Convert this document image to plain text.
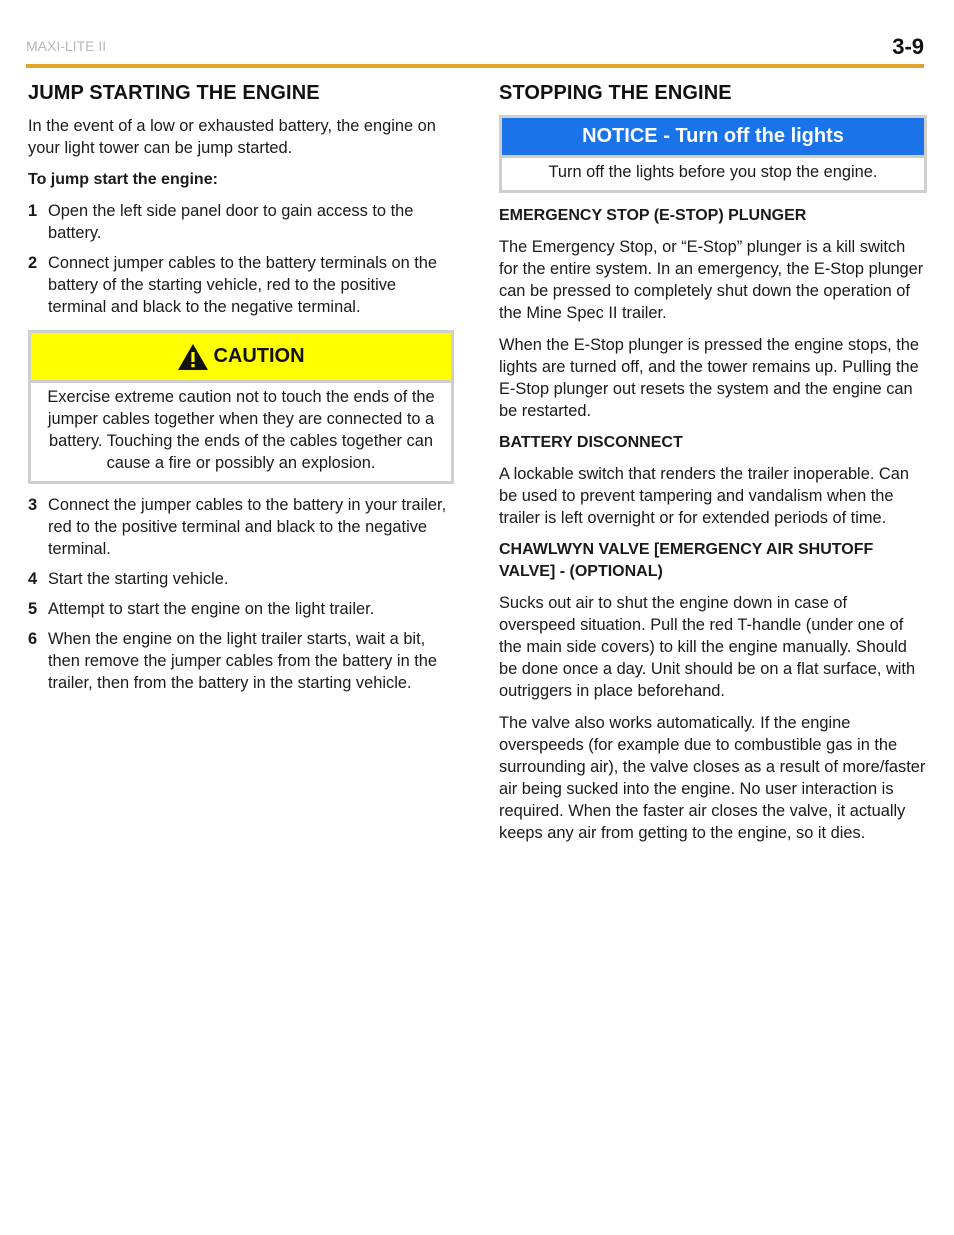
MAXI-LITE II	3-9
JUMP STARTING THE ENGINE

In the event of a low or exhausted battery, the engine on your light tower can be jump started.

To jump start the engine:
1 Open the left side panel door to gain access to the battery.
2 Connect jumper cables to the battery terminals on the battery of the starting vehicle, red to the positive terminal and black to the negative terminal.
CAUTION
Exercise extreme caution not to touch the ends of the jumper cables together when they are connected to a battery. Touching the ends of the cables together can cause a fire or possibly an explosion.
3 Connect the jumper cables to the battery in your trailer, red to the positive terminal and black to the negative terminal.
4 Start the starting vehicle.
5 Attempt to start the engine on the light trailer.
6 When the engine on the light trailer starts, wait a bit, then remove the jumper cables from the battery in the trailer, then from the battery in the starting vehicle.
STOPPING THE ENGINE
NOTICE - Turn off the lights
Turn off the lights before you stop the engine.
EMERGENCY STOP (E-STOP) PLUNGER

The Emergency Stop, or “E-Stop” plunger is a kill switch for the entire system. In an emergency, the E-Stop plunger can be pressed to completely shut down the operation of the Mine Spec II trailer.

When the E-Stop plunger is pressed the engine stops, the lights are turned off, and the tower remains up. Pulling the E-Stop plunger out resets the system and the engine can be restarted.

BATTERY DISCONNECT

A lockable switch that renders the trailer inoperable. Can be used to prevent tampering and vandalism when the trailer is left overnight or for extended periods of time.

CHAWLWYN VALVE [EMERGENCY AIR SHUTOFF VALVE] - (OPTIONAL)

Sucks out air to shut the engine down in case of overspeed situation. Pull the red T-handle (under one of the main side covers) to kill the engine manually. Should be done once a day. Unit should be on a flat surface, with outriggers in place beforehand.

The valve also works automatically. If the engine overspeeds (for example due to combustible gas in the surrounding air), the valve closes as a result of more/faster air being sucked into the engine. No user interaction is required. When the faster air closes the valve, it actually keeps any air from getting to the engine, so it dies.
